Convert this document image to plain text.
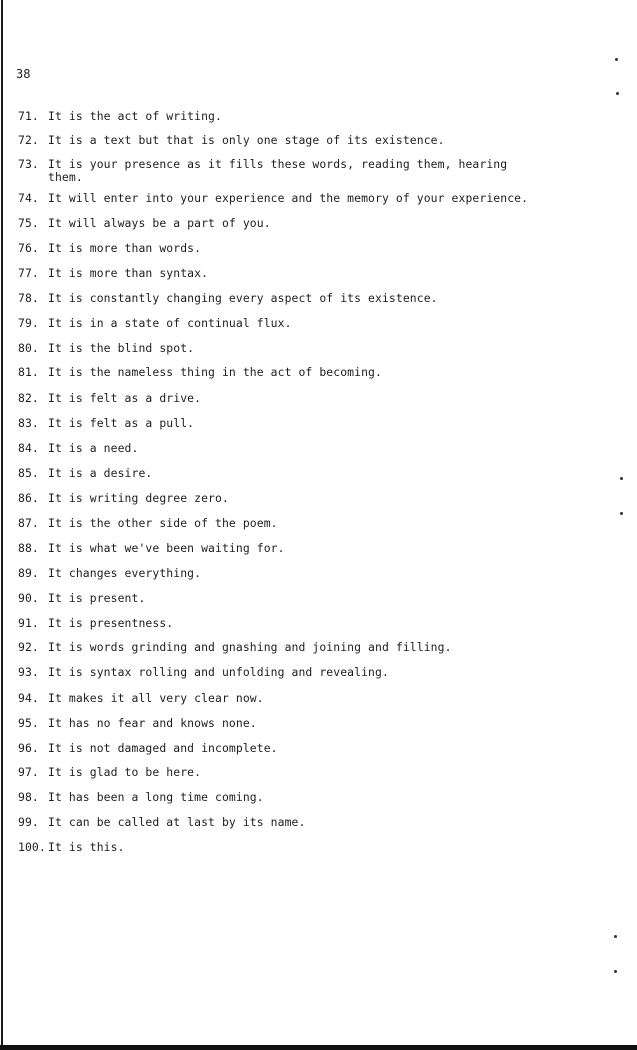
38
71. It is the act of writing.
72. It is a text but that is only one stage of its existence.
73. It is your presence as it fills these words, reading them, hearing
them.
74. It will enter into your experience and the memory of your experience.
75. It will always be a part of you.
76. It is more than words.
77. It is more than syntax.
78. It is constantly changing every aspect of its existence.
79. It is in a state of continual flux.
80. It is the blind spot.
81. It is the nameless thing in the act of becoming.
82. It is felt as a drive.
83. It is felt as a pull.
84. It is a need.
85. It is a desire.
86. It is writing degree zero.
87. It is the other side of the poem.
88. It is what we've been waiting for.
89. It changes everything.
90. It is present.
91. It is presentness.
92. It is words grinding and gnashing and joining and filling.
93. It is syntax rolling and unfolding and revealing.
94. It makes it all very clear now.
95. It has no fear and knows none.
96. It is not damaged and incomplete.
97. It is glad to be here.
98. It has been a long time coming.
99. It can be called at last by its name.
100. It is this.
